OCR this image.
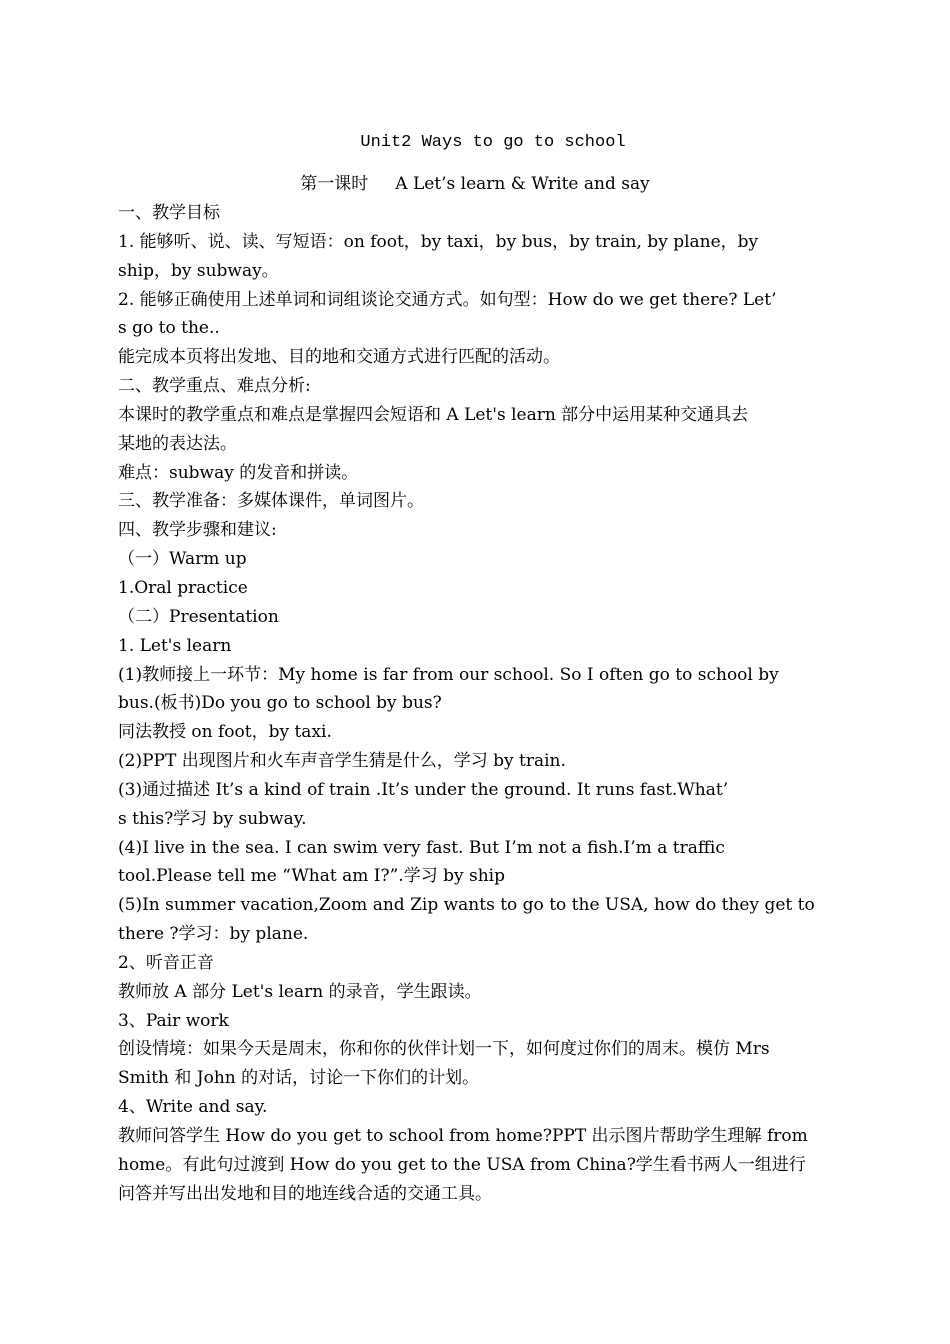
Unit2 Ways to go to school
第一课时     A Let’s learn & Write and say
一、教学目标
1. 能够听、说、读、写短语：on foot，by taxi，by bus，by train, by plane，by
ship，by subway。
2. 能够正确使用上述单词和词组谈论交通方式。如句型：How do we get there? Let’
s go to the..
能完成本页将出发地、目的地和交通方式进行匹配的活动。
二、教学重点、难点分析:
本课时的教学重点和难点是掌握四会短语和 A Let's learn 部分中运用某种交通具去
某地的表达法。
难点：subway 的发音和拼读。
三、教学准备：多媒体课件，单词图片。
四、教学步骤和建议:
（一）Warm up
1.Oral practice
（二）Presentation
1. Let's learn
(1)教师接上一环节：My home is far from our school. So I often go to school by
bus.(板书)Do you go to school by bus?
同法教授 on foot，by taxi.
(2)PPT 出现图片和火车声音学生猜是什么，学习 by train.
(3)通过描述 It’s a kind of train .It’s under the ground. It runs fast.What’
s this?学习 by subway.
(4)I live in the sea. I can swim very fast. But I’m not a fish.I’m a traffic
tool.Please tell me “What am I?”.学习 by ship
(5)In summer vacation,Zoom and Zip wants to go to the USA, how do they get to
there ?学习：by plane.
2、听音正音
教师放 A 部分 Let's learn 的录音，学生跟读。
3、Pair work
创设情境：如果今天是周末，你和你的伙伴计划一下，如何度过你们的周末。模仿 Mrs
Smith 和 John 的对话，讨论一下你们的计划。
4、Write and say.
教师问答学生 How do you get to school from home?PPT 出示图片帮助学生理解 from
home。有此句过渡到 How do you get to the USA from China?学生看书两人一组进行
问答并写出出发地和目的地连线合适的交通工具。
